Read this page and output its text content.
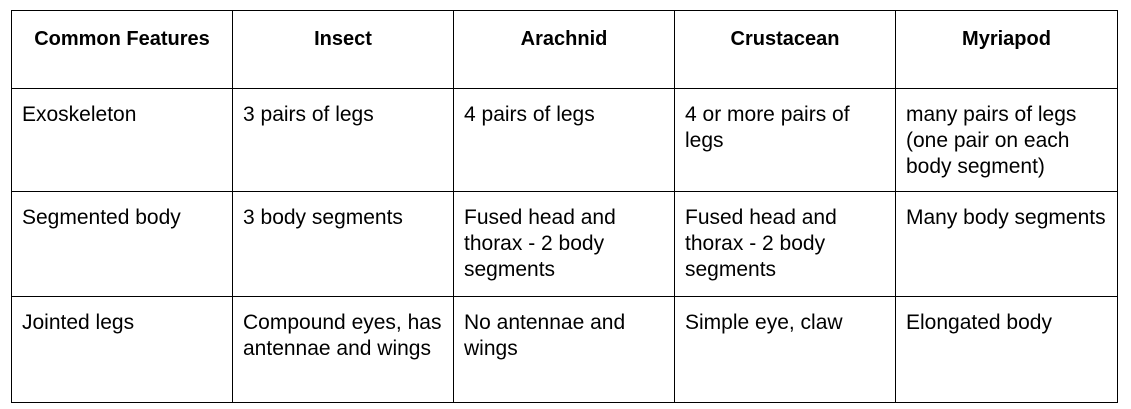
Common Features	Insect	Arachnid	Crustacean	Myriapod
Exoskeleton	3 pairs of legs	4 pairs of legs	4 or more pairs of legs	many pairs of legs (one pair on each body segment)
Segmented body	3 body segments	Fused head and thorax - 2 body segments	Fused head and thorax - 2 body segments	Many body segments
Jointed legs	Compound eyes, has antennae and wings	No antennae and wings	Simple eye, claw	Elongated body
